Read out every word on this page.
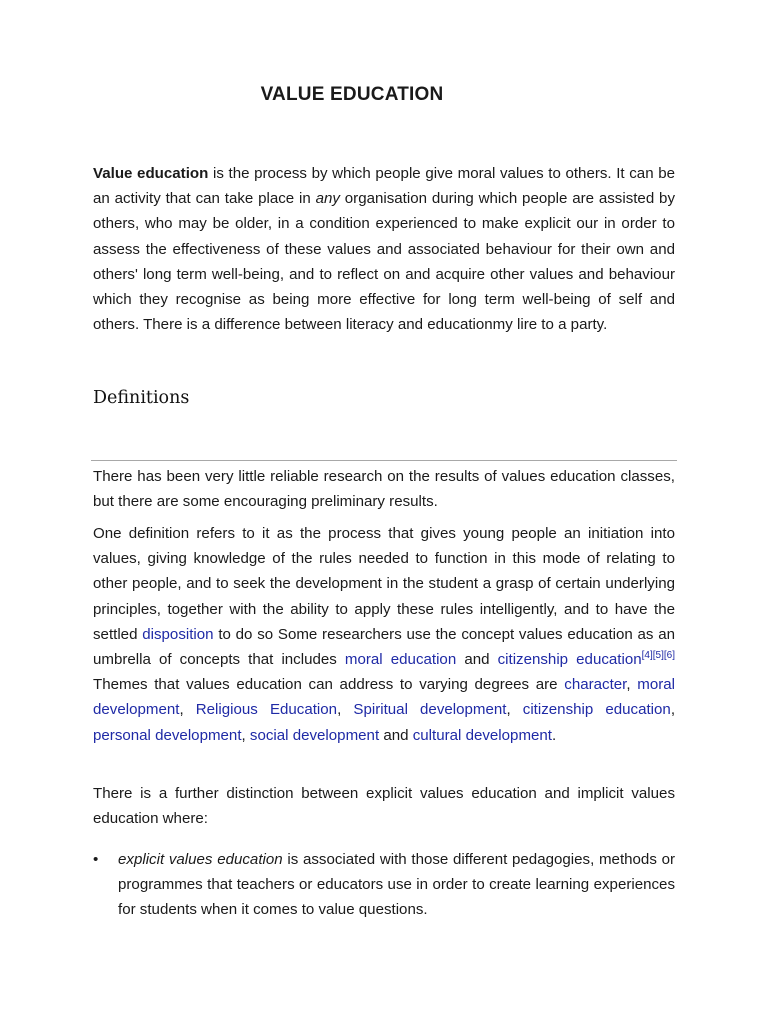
VALUE EDUCATION

Value education is the process by which people give moral values to others. It can be an activity that can take place in any organisation during which people are assisted by others, who may be older, in a condition experienced to make explicit our in order to assess the effectiveness of these values and associated behaviour for their own and others' long term well-being, and to reflect on and acquire other values and behaviour which they recognise as being more effective for long term well-being of self and others. There is a difference between literacy and educationmy lire to a party.

Definitions

There has been very little reliable research on the results of values education classes, but there are some encouraging preliminary results.

One definition refers to it as the process that gives young people an initiation into values, giving knowledge of the rules needed to function in this mode of relating to other people, and to seek the development in the student a grasp of certain underlying principles, together with the ability to apply these rules intelligently, and to have the settled disposition to do so Some researchers use the concept values education as an umbrella of concepts that includes moral education and citizenship education[4][5][6] Themes that values education can address to varying degrees are character, moral development, Religious Education, Spiritual development, citizenship education, personal development, social development and cultural development.

There is a further distinction between explicit values education and implicit values education where:

• explicit values education is associated with those different pedagogies, methods or programmes that teachers or educators use in order to create learning experiences for students when it comes to value questions.
